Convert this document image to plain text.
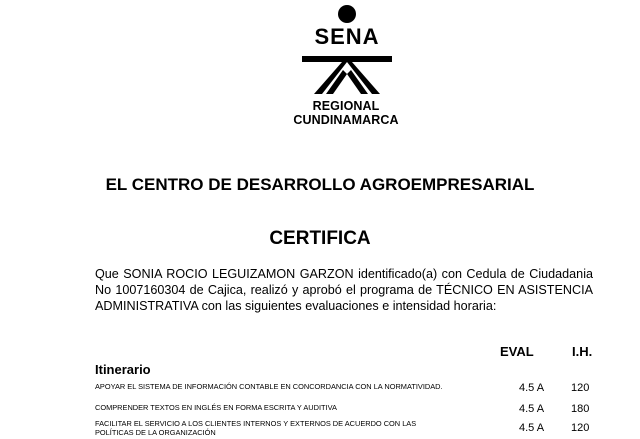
SENA
REGIONAL CUNDINAMARCA
EL CENTRO DE DESARROLLO AGROEMPRESARIAL
CERTIFICA
Que SONIA ROCIO LEGUIZAMON GARZON identificado(a) con Cedula de Ciudadania No 1007160304 de Cajica, realizó y aprobó el programa de TÉCNICO EN ASISTENCIA ADMINISTRATIVA con las siguientes evaluaciones e intensidad horaria:
EVAL	I.H.
Itinerario
APOYAR EL SISTEMA DE INFORMACIÓN CONTABLE EN CONCORDANCIA CON LA NORMATIVIDAD.	4.5 A 120
COMPRENDER TEXTOS EN INGLÉS EN FORMA ESCRITA Y AUDITIVA	4.5 A 180
FACILITAR EL SERVICIO A LOS CLIENTES INTERNOS Y EXTERNOS DE ACUERDO CON LAS POLÍTICAS DE LA ORGANIZACIÓN	4.5 A 120
